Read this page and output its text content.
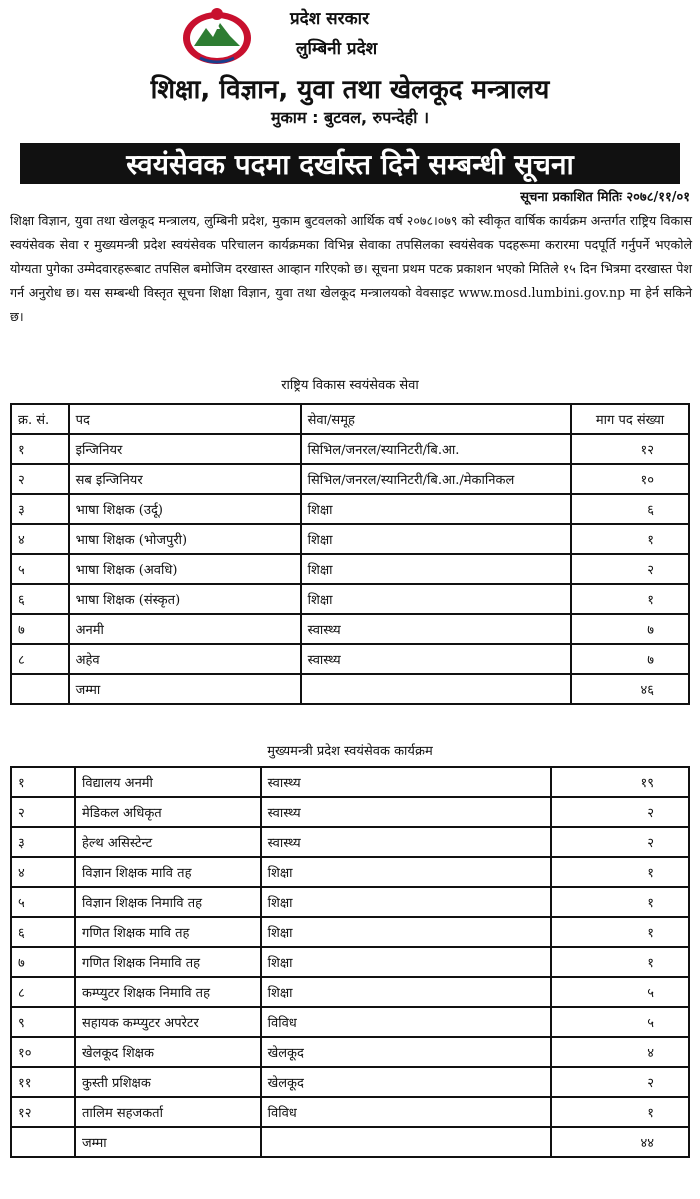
प्रदेश सरकार
लुम्बिनी प्रदेश
शिक्षा, विज्ञान, युवा तथा खेलकूद मन्त्रालय
मुकाम : बुटवल, रुपन्देही ।
स्वयंसेवक पदमा दर्खास्त दिने सम्बन्धी सूचना
सूचना प्रकाशित मितिः २०७८/११/०१
शिक्षा विज्ञान, युवा तथा खेलकूद मन्त्रालय, लुम्बिनी प्रदेश, मुकाम बुटवलको आर्थिक वर्ष २०७८।०७९ को स्वीकृत वार्षिक कार्यक्रम अन्तर्गत राष्ट्रिय विकास स्वयंसेवक सेवा र मुख्यमन्त्री प्रदेश स्वयंसेवक परिचालन कार्यक्रमका विभिन्न सेवाका तपसिलका स्वयंसेवक पदहरूमा करारमा पदपूर्ति गर्नुपर्ने भएकोले योग्यता पुगेका उम्मेदवारहरूबाट तपसिल बमोजिम दरखास्त आव्हान गरिएको छ। सूचना प्रथम पटक प्रकाशन भएको मितिले १५ दिन भित्रमा दरखास्त पेश गर्न अनुरोध छ। यस सम्बन्धी विस्तृत सूचना शिक्षा विज्ञान, युवा तथा खेलकूद मन्त्रालयको वेवसाइट www.mosd.lumbini.gov.np मा हेर्न सकिने छ।
राष्ट्रिय विकास स्वयंसेवक सेवा
क्र. सं.	पद	सेवा/समूह	माग पद संख्या
१	इन्जिनियर	सिभिल/जनरल/स्यानिटरी/बि.आ.	१२
२	सब इन्जिनियर	सिभिल/जनरल/स्यानिटरी/बि.आ./मेकानिकल	१०
३	भाषा शिक्षक (उर्दू)	शिक्षा	६
४	भाषा शिक्षक (भोजपुरी)	शिक्षा	१
५	भाषा शिक्षक (अवधि)	शिक्षा	२
६	भाषा शिक्षक (संस्कृत)	शिक्षा	१
७	अनमी	स्वास्थ्य	७
८	अहेव	स्वास्थ्य	७
	जम्मा		४६
मुख्यमन्त्री प्रदेश स्वयंसेवक कार्यक्रम
१	विद्यालय अनमी	स्वास्थ्य	१९
२	मेडिकल अधिकृत	स्वास्थ्य	२
३	हेल्थ असिस्टेन्ट	स्वास्थ्य	२
४	विज्ञान शिक्षक मावि तह	शिक्षा	१
५	विज्ञान शिक्षक निमावि तह	शिक्षा	१
६	गणित शिक्षक मावि तह	शिक्षा	१
७	गणित शिक्षक निमावि तह	शिक्षा	१
८	कम्प्युटर शिक्षक निमावि तह	शिक्षा	५
९	सहायक कम्प्युटर अपरेटर	विविध	५
१०	खेलकूद शिक्षक	खेलकूद	४
११	कुस्ती प्रशिक्षक	खेलकूद	२
१२	तालिम सहजकर्ता	विविध	१
	जम्मा		४४
